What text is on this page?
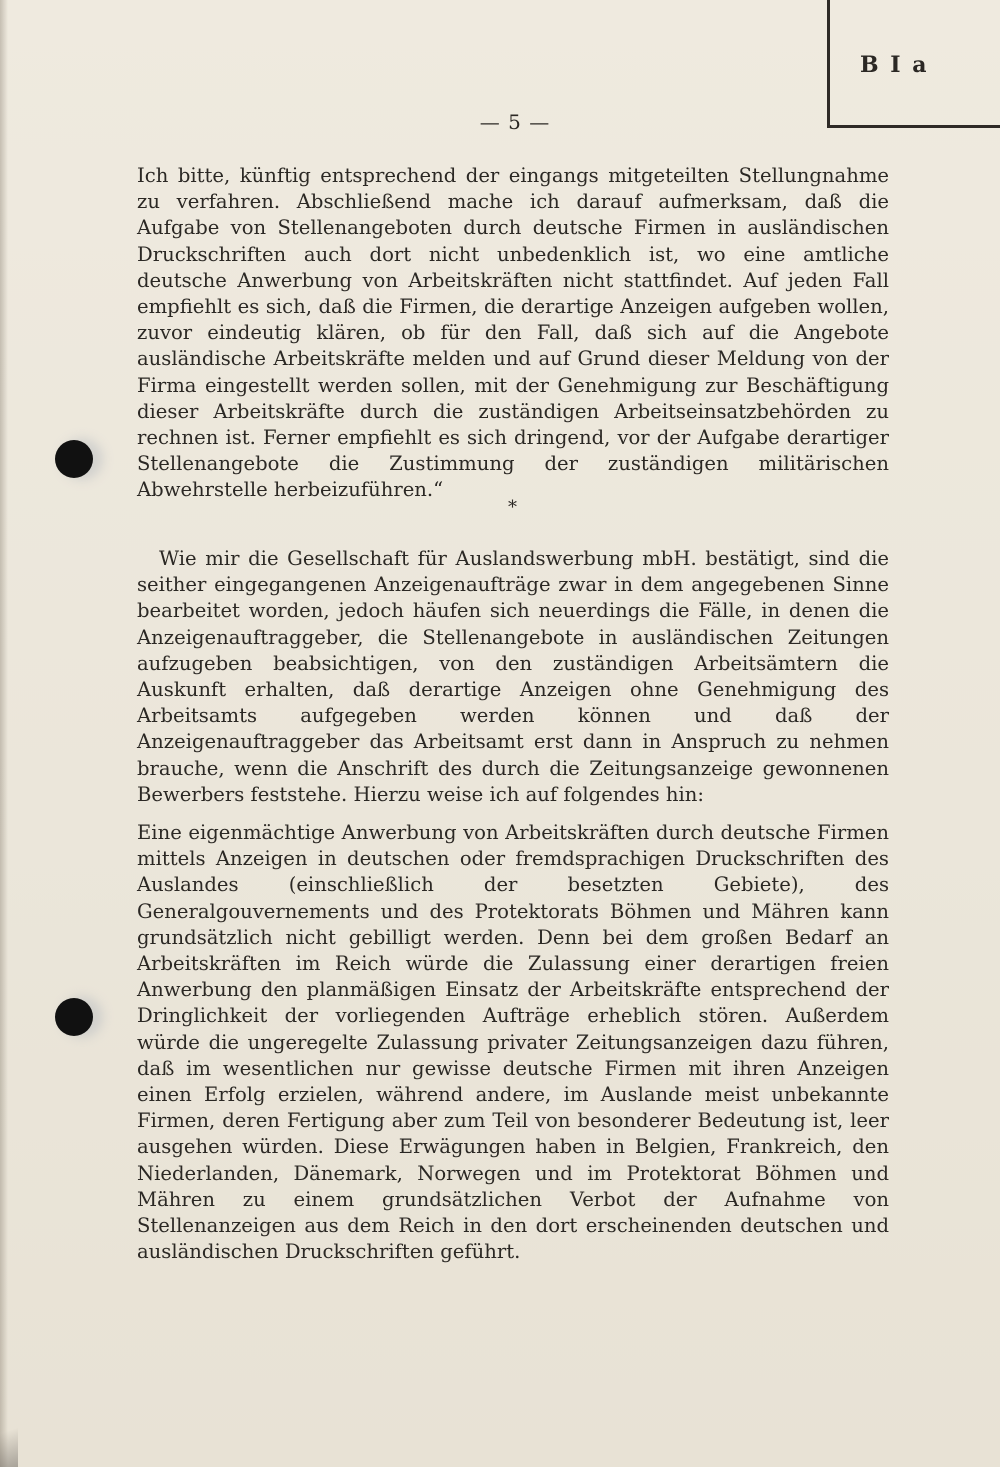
B I a
— 5 —

Ich bitte, künftig entsprechend der eingangs mitgeteilten Stellungnahme zu verfahren. Abschließend mache ich darauf aufmerksam, daß die Aufgabe von Stellenangeboten durch deutsche Firmen in ausländischen Druckschriften auch dort nicht unbedenklich ist, wo eine amtliche deutsche Anwerbung von Arbeitskräften nicht stattfindet. Auf jeden Fall empfiehlt es sich, daß die Firmen, die derartige Anzeigen aufgeben wollen, zuvor eindeutig klären, ob für den Fall, daß sich auf die Angebote ausländische Arbeitskräfte melden und auf Grund dieser Meldung von der Firma eingestellt werden sollen, mit der Genehmigung zur Beschäftigung dieser Arbeitskräfte durch die zuständigen Arbeitseinsatzbehörden zu rechnen ist. Ferner empfiehlt es sich dringend, vor der Aufgabe derartiger Stellenangebote die Zustimmung der zuständigen militärischen Abwehrstelle herbeizuführen.“

*

Wie mir die Gesellschaft für Auslandswerbung mbH. bestätigt, sind die seither eingegangenen Anzeigenaufträge zwar in dem angegebenen Sinne bearbeitet worden, jedoch häufen sich neuerdings die Fälle, in denen die Anzeigenauftraggeber, die Stellenangebote in ausländischen Zeitungen aufzugeben beabsichtigen, von den zuständigen Arbeitsämtern die Auskunft erhalten, daß derartige Anzeigen ohne Genehmigung des Arbeitsamts aufgegeben werden können und daß der Anzeigenauftraggeber das Arbeitsamt erst dann in Anspruch zu nehmen brauche, wenn die Anschrift des durch die Zeitungsanzeige gewonnenen Bewerbers feststehe. Hierzu weise ich auf folgendes hin:

Eine eigenmächtige Anwerbung von Arbeitskräften durch deutsche Firmen mittels Anzeigen in deutschen oder fremdsprachigen Druckschriften des Auslandes (einschließlich der besetzten Gebiete), des Generalgouvernements und des Protektorats Böhmen und Mähren kann grundsätzlich nicht gebilligt werden. Denn bei dem großen Bedarf an Arbeitskräften im Reich würde die Zulassung einer derartigen freien Anwerbung den planmäßigen Einsatz der Arbeitskräfte entsprechend der Dringlichkeit der vorliegenden Aufträge erheblich stören. Außerdem würde die ungeregelte Zulassung privater Zeitungsanzeigen dazu führen, daß im wesentlichen nur gewisse deutsche Firmen mit ihren Anzeigen einen Erfolg erzielen, während andere, im Auslande meist unbekannte Firmen, deren Fertigung aber zum Teil von besonderer Bedeutung ist, leer ausgehen würden. Diese Erwägungen haben in Belgien, Frankreich, den Niederlanden, Dänemark, Norwegen und im Protektorat Böhmen und Mähren zu einem grundsätzlichen Verbot der Aufnahme von Stellenanzeigen aus dem Reich in den dort erscheinenden deutschen und ausländischen Druckschriften geführt.
